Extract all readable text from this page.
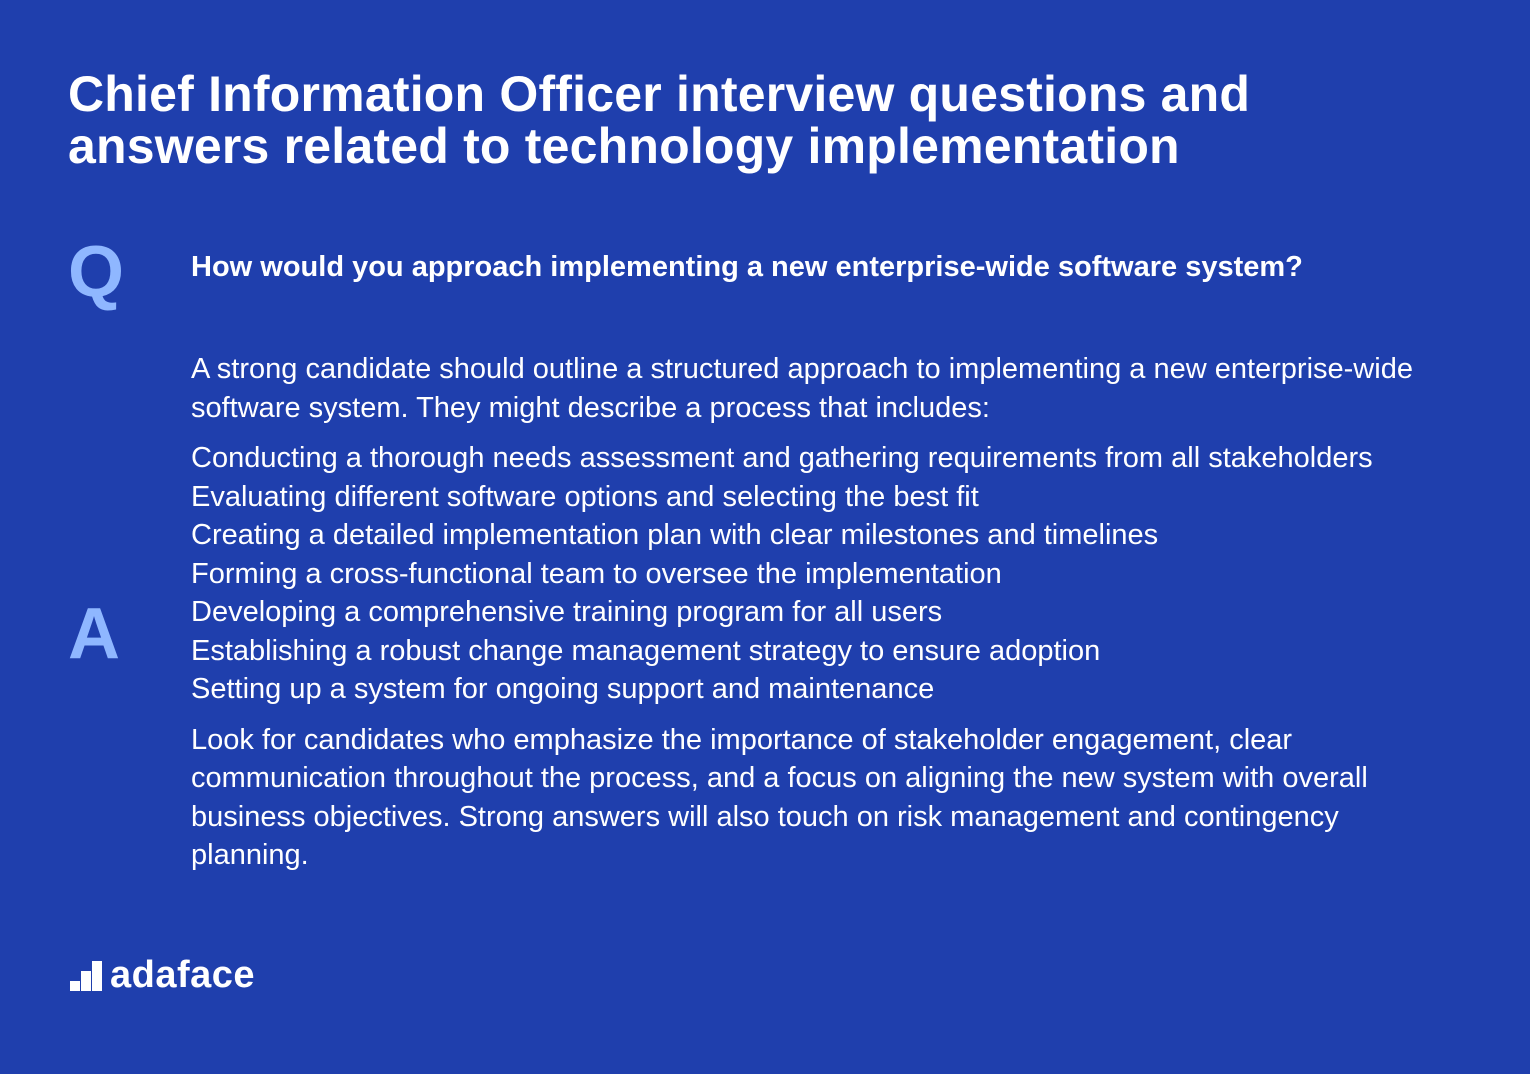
Chief Information Officer interview questions and answers related to technology implementation
Q How would you approach implementing a new enterprise-wide software system?

A

A strong candidate should outline a structured approach to implementing a new enterprise-wide software system. They might describe a process that includes:

Conducting a thorough needs assessment and gathering requirements from all stakeholders
Evaluating different software options and selecting the best fit
Creating a detailed implementation plan with clear milestones and timelines
Forming a cross-functional team to oversee the implementation
Developing a comprehensive training program for all users
Establishing a robust change management strategy to ensure adoption
Setting up a system for ongoing support and maintenance

Look for candidates who emphasize the importance of stakeholder engagement, clear communication throughout the process, and a focus on aligning the new system with overall business objectives. Strong answers will also touch on risk management and contingency planning.

adaface
